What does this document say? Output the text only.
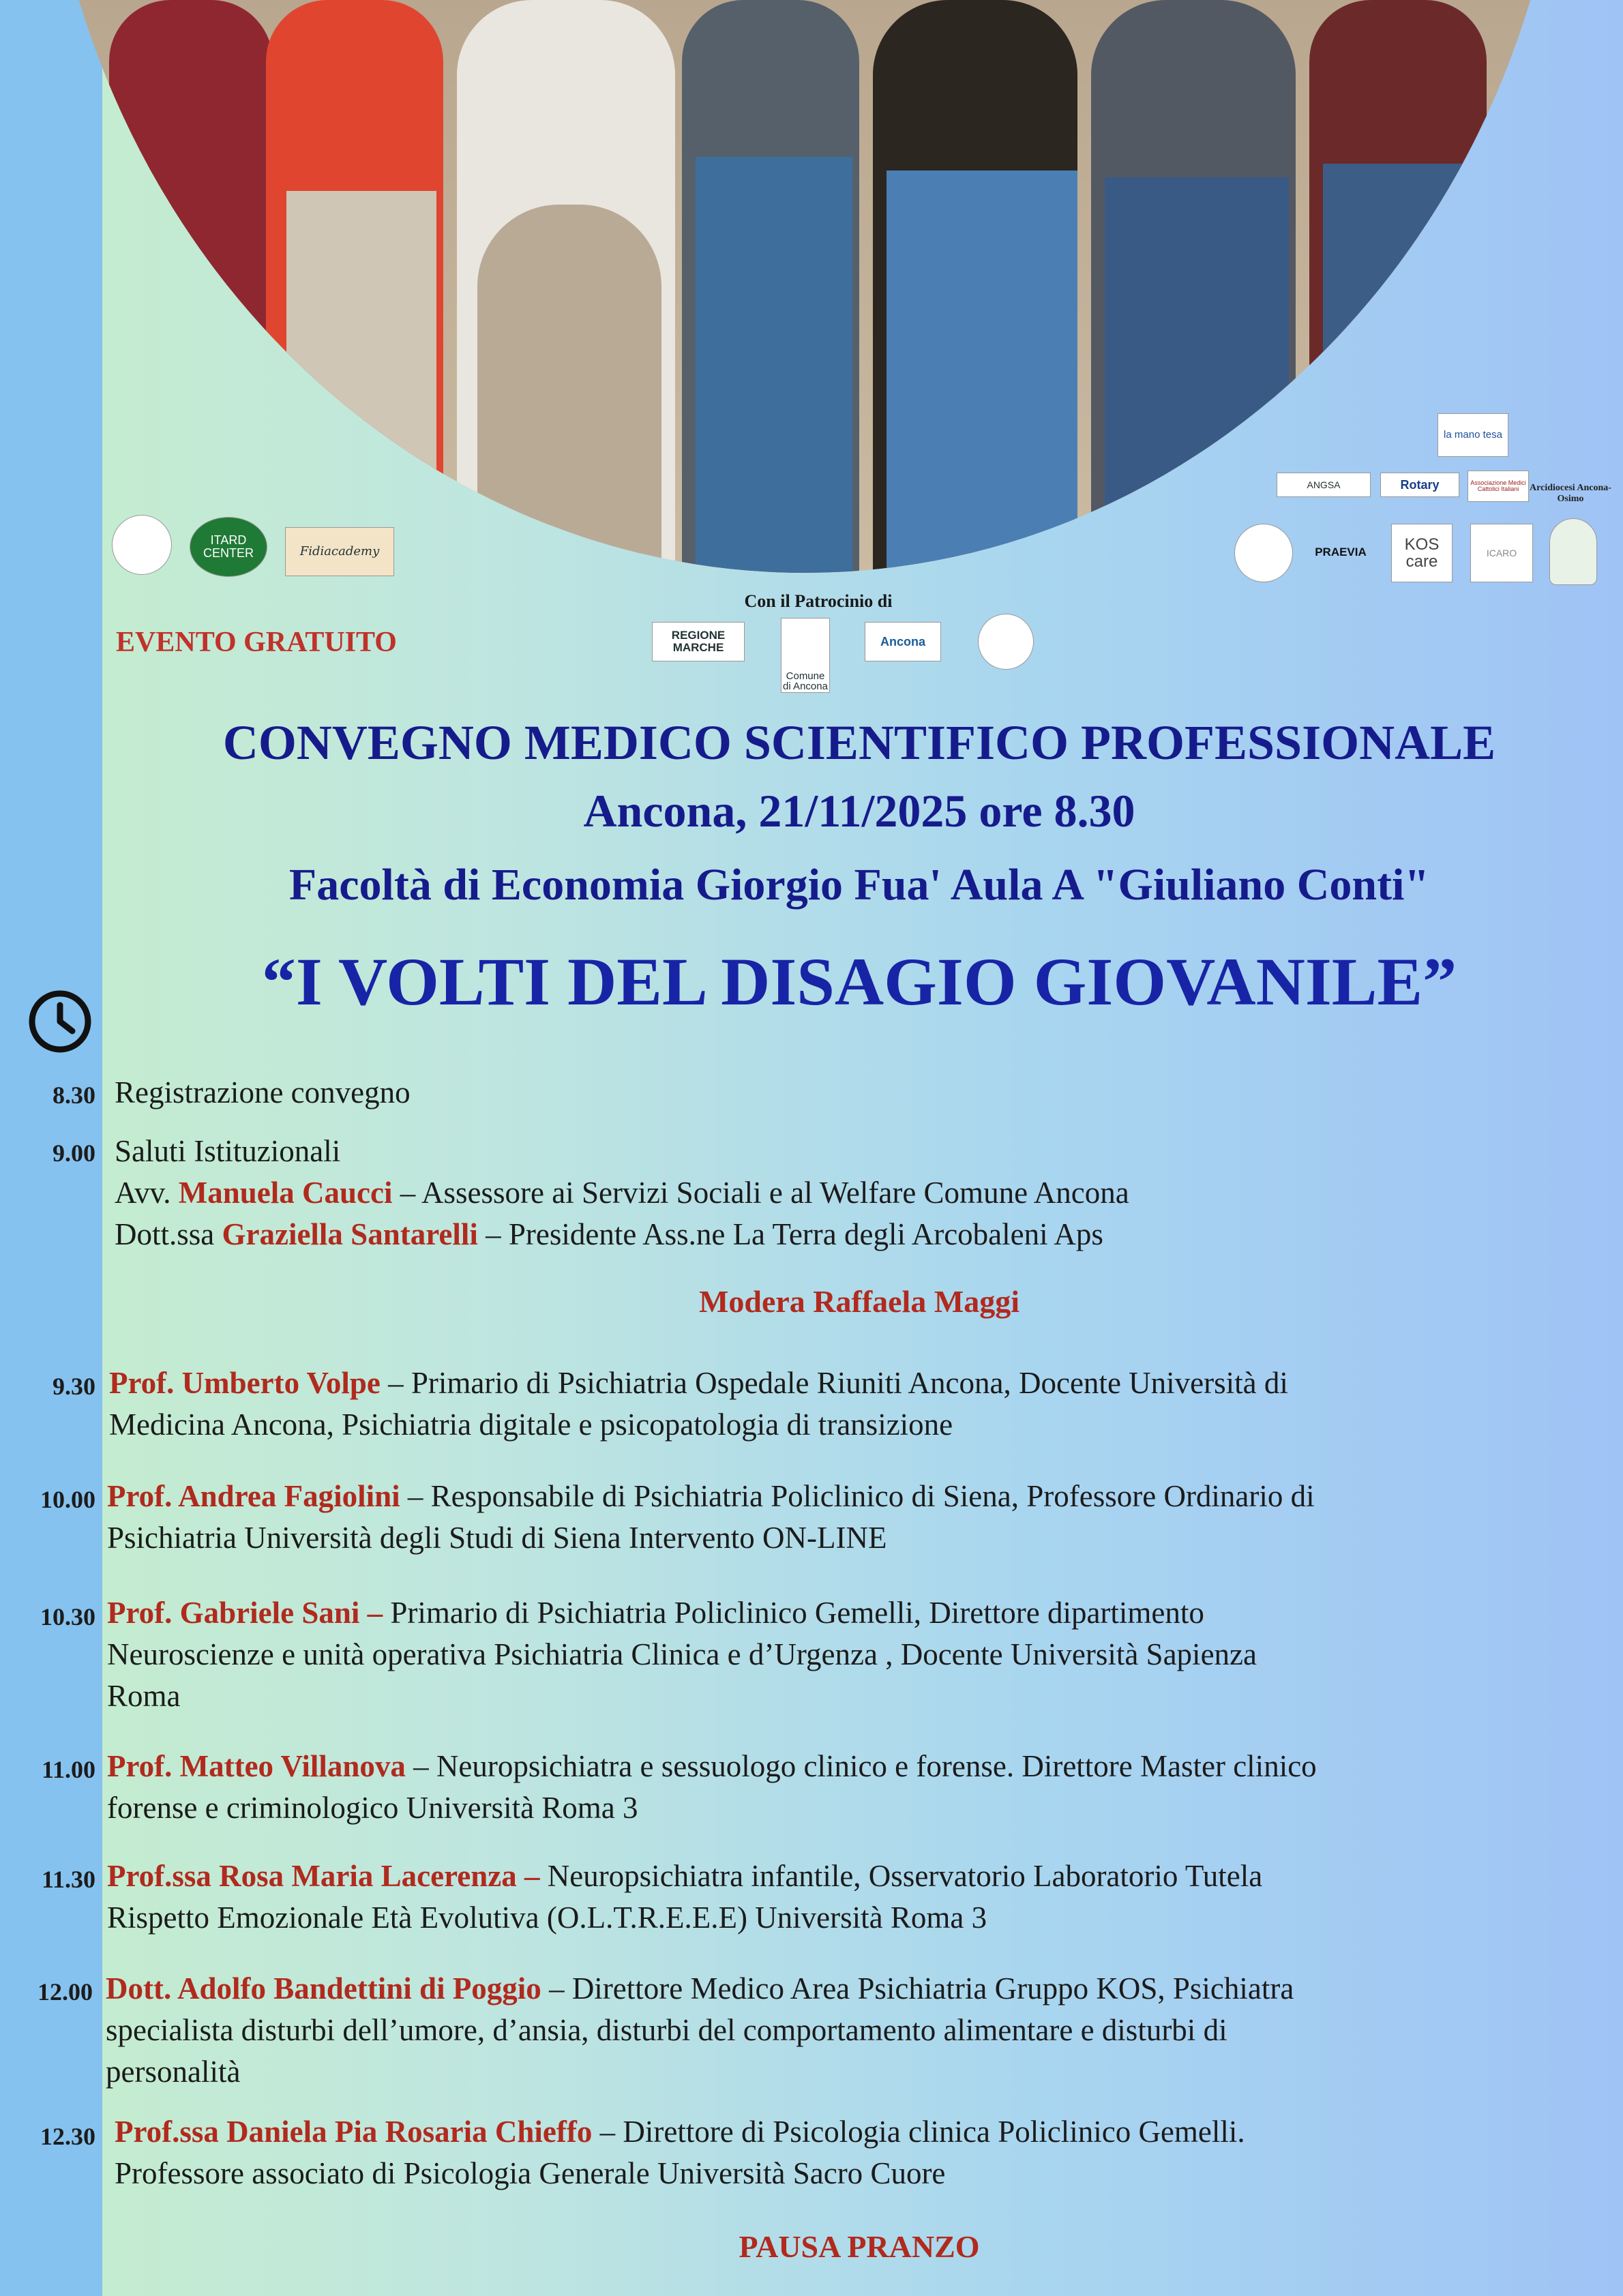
ITARD CENTER	Fidiacademy
Con il Patrocinio di
REGIONE MARCHE
Comune di Ancona
Ancona
la mano tesa
ANGSA	Rotary	Associazione Medici Cattolici Italiani	Arcidiocesi Ancona-Osimo
PRAEVIA	KOS care	ICARO
EVENTO GRATUITO
CONVEGNO MEDICO SCIENTIFICO PROFESSIONALE
Ancona, 21/11/2025 ore 8.30
Facoltà di Economia Giorgio Fua' Aula A "Giuliano Conti"
“I VOLTI DEL DISAGIO GIOVANILE”
8.30 Registrazione convegno
9.00 Saluti Istituzionali
Avv. Manuela Caucci – Assessore ai Servizi Sociali e al Welfare Comune Ancona
Dott.ssa Graziella Santarelli – Presidente Ass.ne La Terra degli Arcobaleni Aps
9.30 Prof. Umberto Volpe – Primario di Psichiatria Ospedale Riuniti Ancona, Docente Università di
Medicina Ancona, Psichiatria digitale e psicopatologia di transizione
10.00 Prof. Andrea Fagiolini – Responsabile di Psichiatria Policlinico di Siena, Professore Ordinario di
Psichiatria Università degli Studi di Siena Intervento ON-LINE
10.30 Prof. Gabriele Sani – Primario di Psichiatria Policlinico Gemelli, Direttore dipartimento
Neuroscienze e unità operativa Psichiatria Clinica e d’Urgenza , Docente Università Sapienza
Roma
11.00 Prof. Matteo Villanova – Neuropsichiatra e sessuologo clinico e forense. Direttore Master clinico
forense e criminologico Università Roma 3
11.30 Prof.ssa Rosa Maria Lacerenza – Neuropsichiatra infantile, Osservatorio Laboratorio Tutela
Rispetto Emozionale Età Evolutiva (O.L.T.R.E.E.E) Università Roma 3
12.00 Dott. Adolfo Bandettini di Poggio – Direttore Medico Area Psichiatria Gruppo KOS, Psichiatra
specialista disturbi dell’umore, d’ansia, disturbi del comportamento alimentare e disturbi di
personalità
12.30 Prof.ssa Daniela Pia Rosaria Chieffo – Direttore di Psicologia clinica Policlinico Gemelli.
Professore associato di Psicologia Generale Università Sacro Cuore
Modera Raffaela Maggi
PAUSA PRANZO
